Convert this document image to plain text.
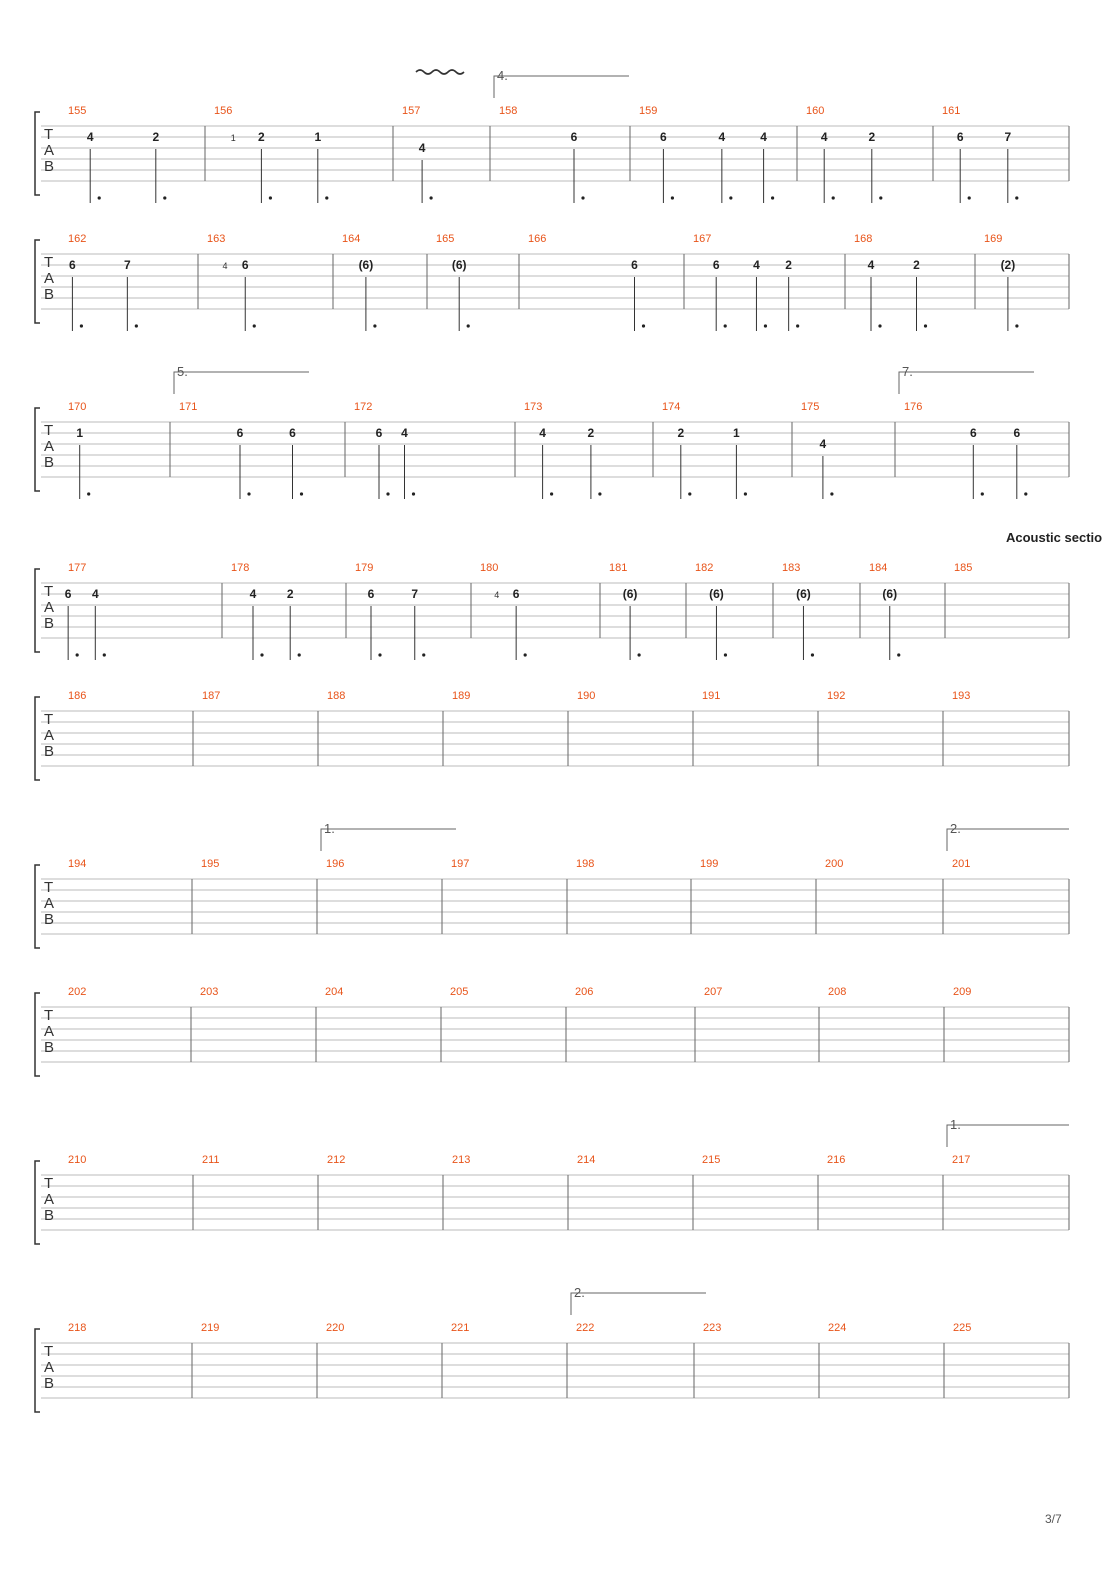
Acoustic sectio
3/7
T
A
B
155
4	2
156
1 2	1
157
4
158
6
159
6	4	4
160
4	2
161
6	7
4.
T
A
B
162
6	7
163
4 6
164
(6)
165
(6)
166
6
167
6	4 2
168
4	2
169
(2)
T
A
B
170
1
171
6	6
172
6 4
173
4	2
174
2	1
175
4
176
6	6
5.	7.
T
A
B
177
6 4
178
4	2
179
6	7
180
4 6
181
(6)
182
(6)
183
(6)
184
(6)
185
T
A
B
186	187	188	189	190	191	192	193
T
A
B
194	195	196	197	198	199	200	201
1.	2.
T
A
B
202	203	204	205	206	207	208	209
T
A
B
210	211	212	213	214	215	216	217
1.
T
A
B
218	219	220	221	222	223	224	225
2.
